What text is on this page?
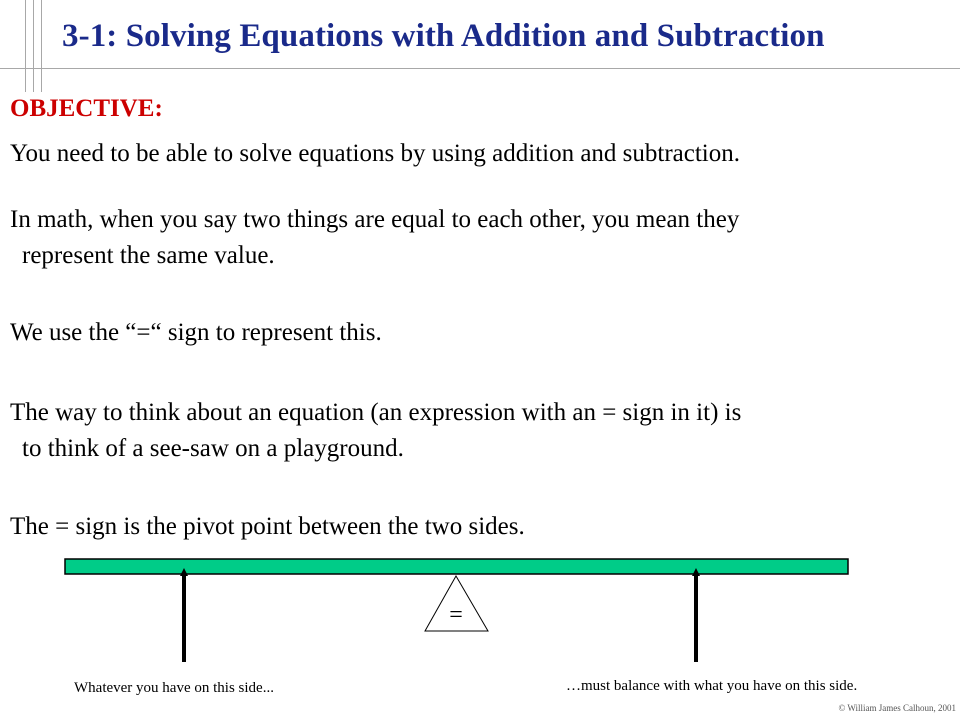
3-1: Solving Equations with Addition and Subtraction
OBJECTIVE:
You need to be able to solve equations by using addition and subtraction.
In math, when you say two things are equal to each other, you mean they
represent the same value.
We use the “=“ sign to represent this.
The way to think about an equation (an expression with an = sign in it) is
to think of a see-saw on a playground.
The = sign is the pivot point between the two sides.
=
Whatever you have on this side...	…must balance with what you have on this side.
© William James Calhoun, 2001
